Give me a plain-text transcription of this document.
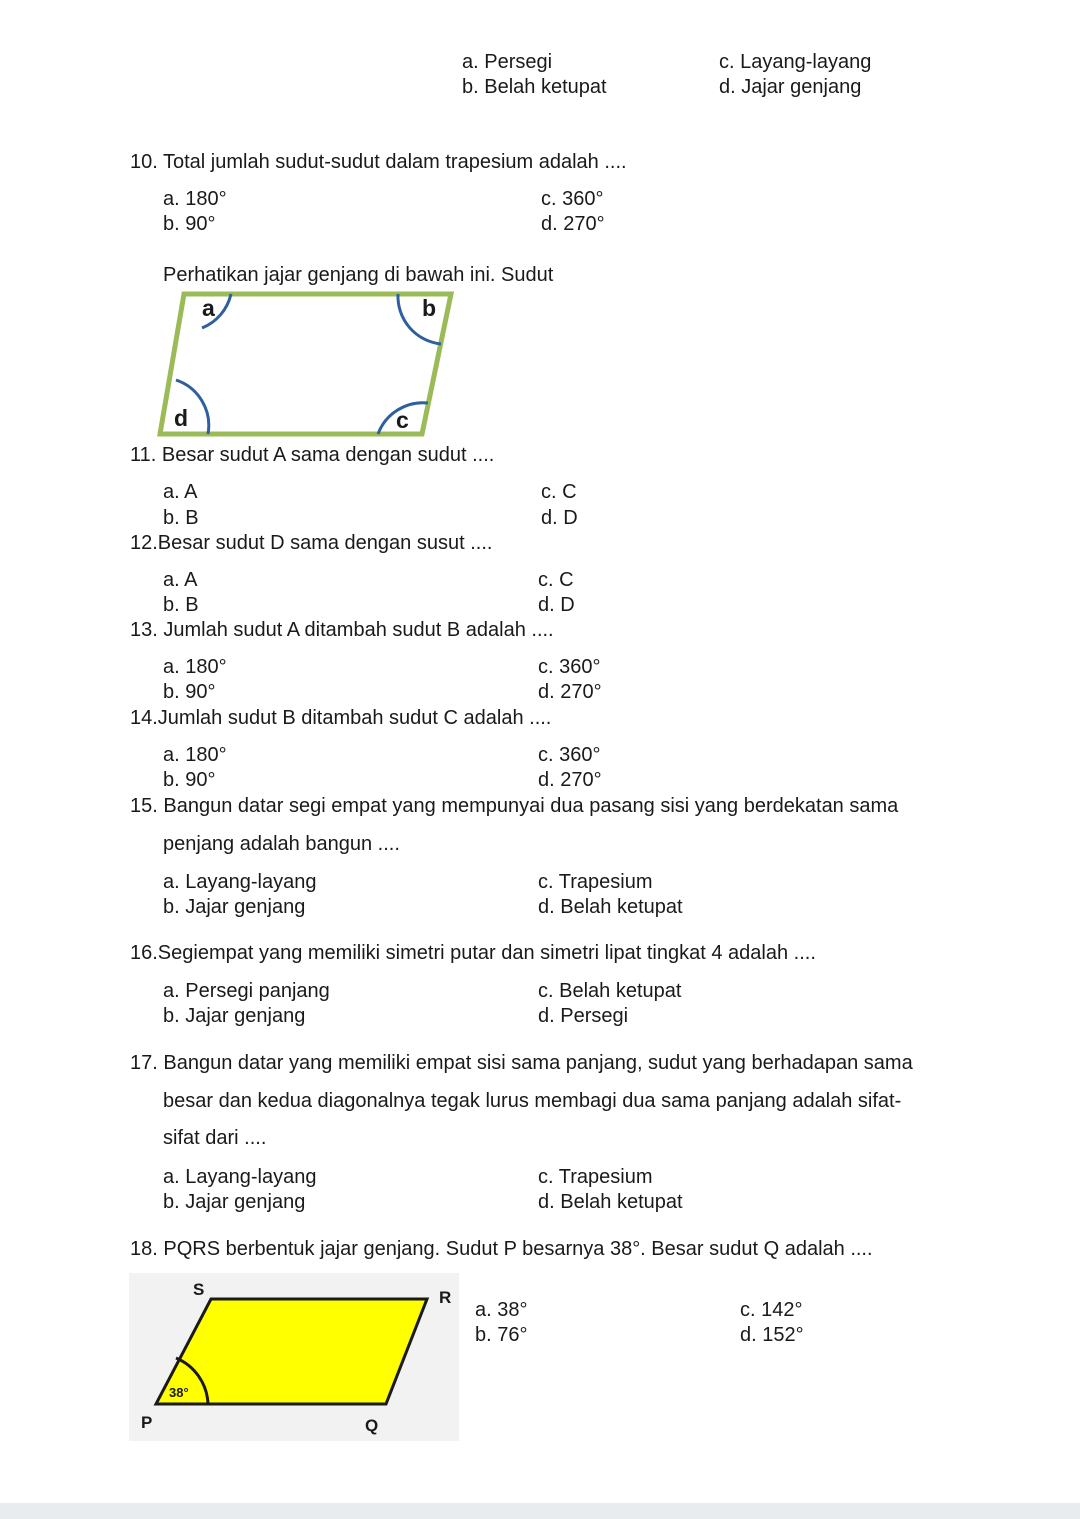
a. Persegi
b. Belah ketupat
c. Layang-layang
d. Jajar genjang
10. Total jumlah sudut-sudut dalam trapesium adalah ....
a. 180°
b. 90°
c. 360°
d. 270°
Perhatikan jajar genjang di bawah ini. Sudut
a	b
c
d
11. Besar sudut A sama dengan sudut ....
a. A
b. B
c. C
d. D
12.Besar sudut D sama dengan susut ....
a. A
b. B
c. C
d. D
13. Jumlah sudut A ditambah sudut B adalah ....
a. 180°
b. 90°
c. 360°
d. 270°
14.Jumlah sudut B ditambah sudut C adalah ....
a. 180°
b. 90°
c. 360°
d. 270°
15. Bangun datar segi empat yang mempunyai dua pasang sisi yang berdekatan sama
penjang adalah bangun ....
a. Layang-layang
b. Jajar genjang
c. Trapesium
d. Belah ketupat
16.Segiempat yang memiliki simetri putar dan simetri lipat tingkat 4 adalah ....
a. Persegi panjang
b. Jajar genjang
c. Belah ketupat
d. Persegi
17. Bangun datar yang memiliki empat sisi sama panjang, sudut yang berhadapan sama
besar dan kedua diagonalnya tegak lurus membagi dua sama panjang adalah sifat-
sifat dari ....
a. Layang-layang
b. Jajar genjang
c. Trapesium
d. Belah ketupat
18. PQRS berbentuk jajar genjang. Sudut P besarnya 38°. Besar sudut Q adalah ....
S	R
P	Q
38°
a. 38°
b. 76°
c. 142°
d. 152°
